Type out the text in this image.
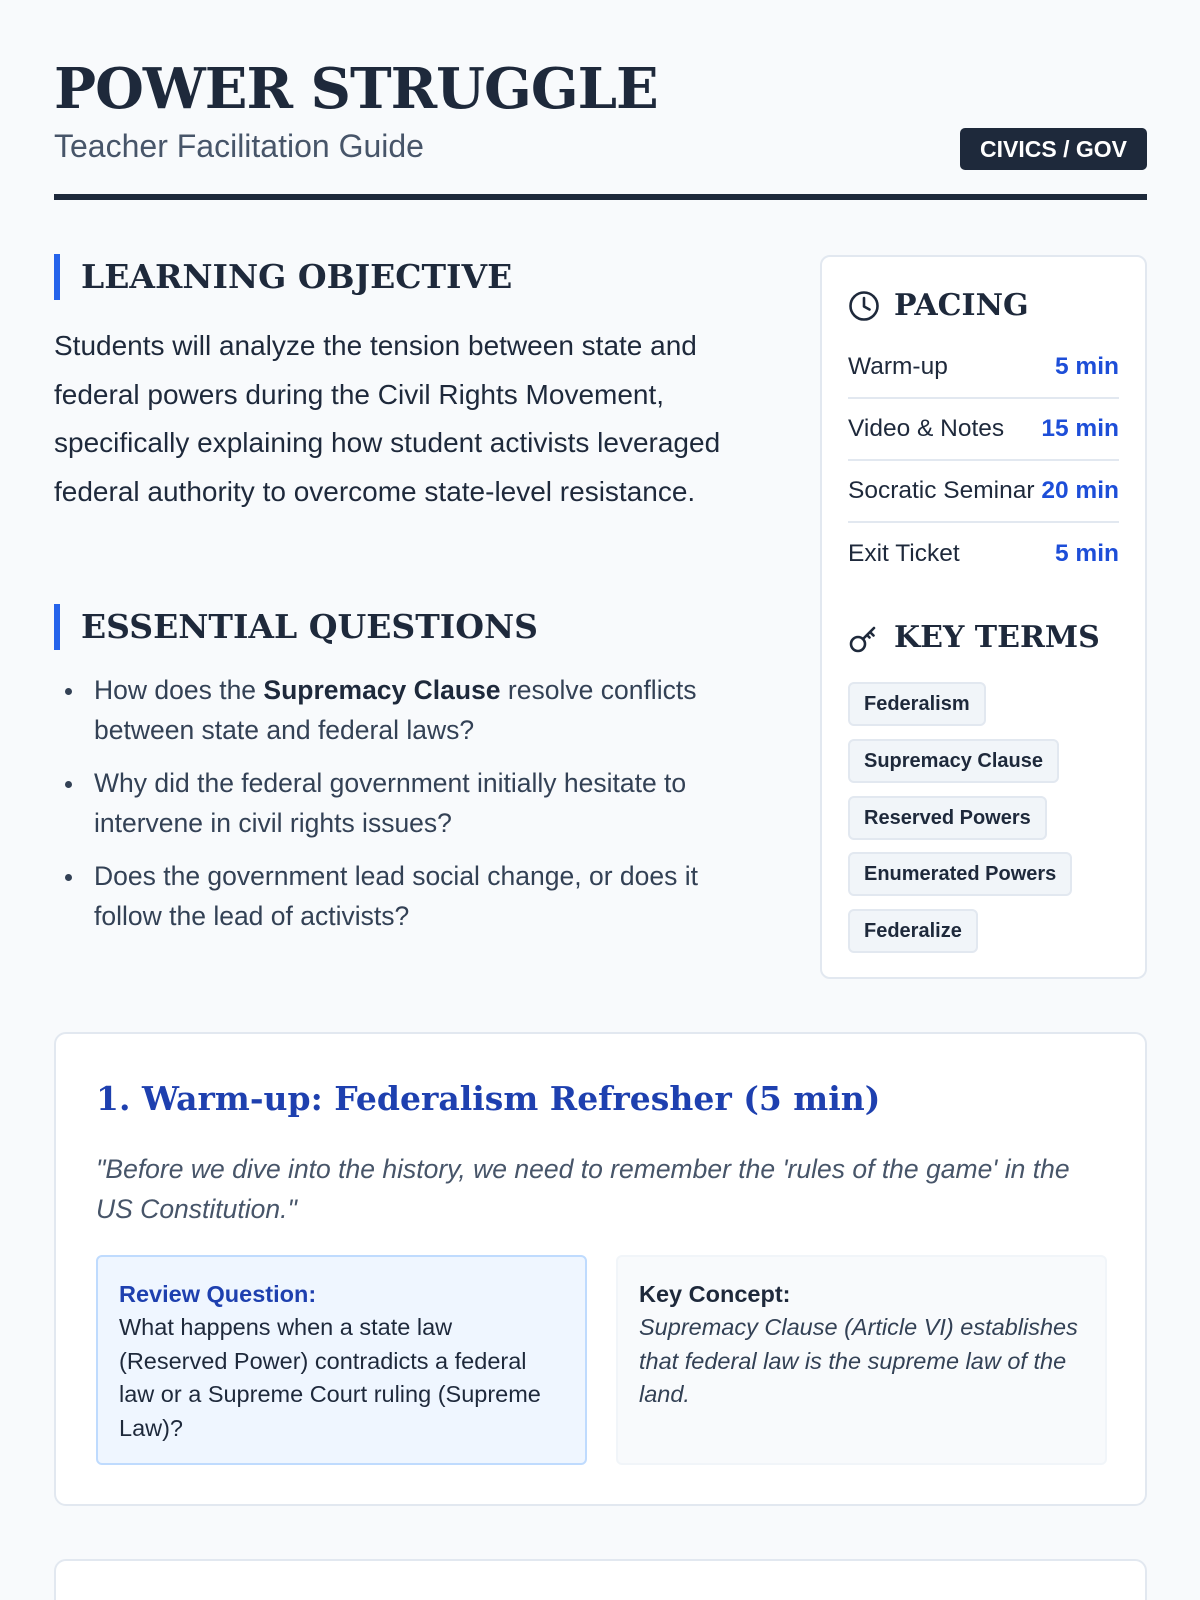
POWER STRUGGLE
Teacher Facilitation Guide	CIVICS / GOV
LEARNING OBJECTIVE

Students will analyze the tension between state and federal powers during the Civil Rights Movement, specifically explaining how student activists leveraged federal authority to overcome state-level resistance.

ESSENTIAL QUESTIONS
How does the Supremacy Clause resolve conflicts between state and federal laws?
Why did the federal government initially hesitate to intervene in civil rights issues?
Does the government lead social change, or does it follow the lead of activists?
PACING
Warm-up	5 min
Video & Notes 15 min
Socratic Seminar 20 min
Exit Ticket	5 min
KEY TERMS
Federalism
Supremacy Clause
Reserved Powers
Enumerated Powers
Federalize
1. Warm-up: Federalism Refresher (5 min)

"Before we dive into the history, we need to remember the 'rules of the game' in the US Constitution."

Review Question:
What happens when a state law (Reserved Power) contradicts a federal law or a Supreme Court ruling (Supreme Law)?
Key Concept:
Supremacy Clause (Article VI) establishes that federal law is the supreme law of the land.
